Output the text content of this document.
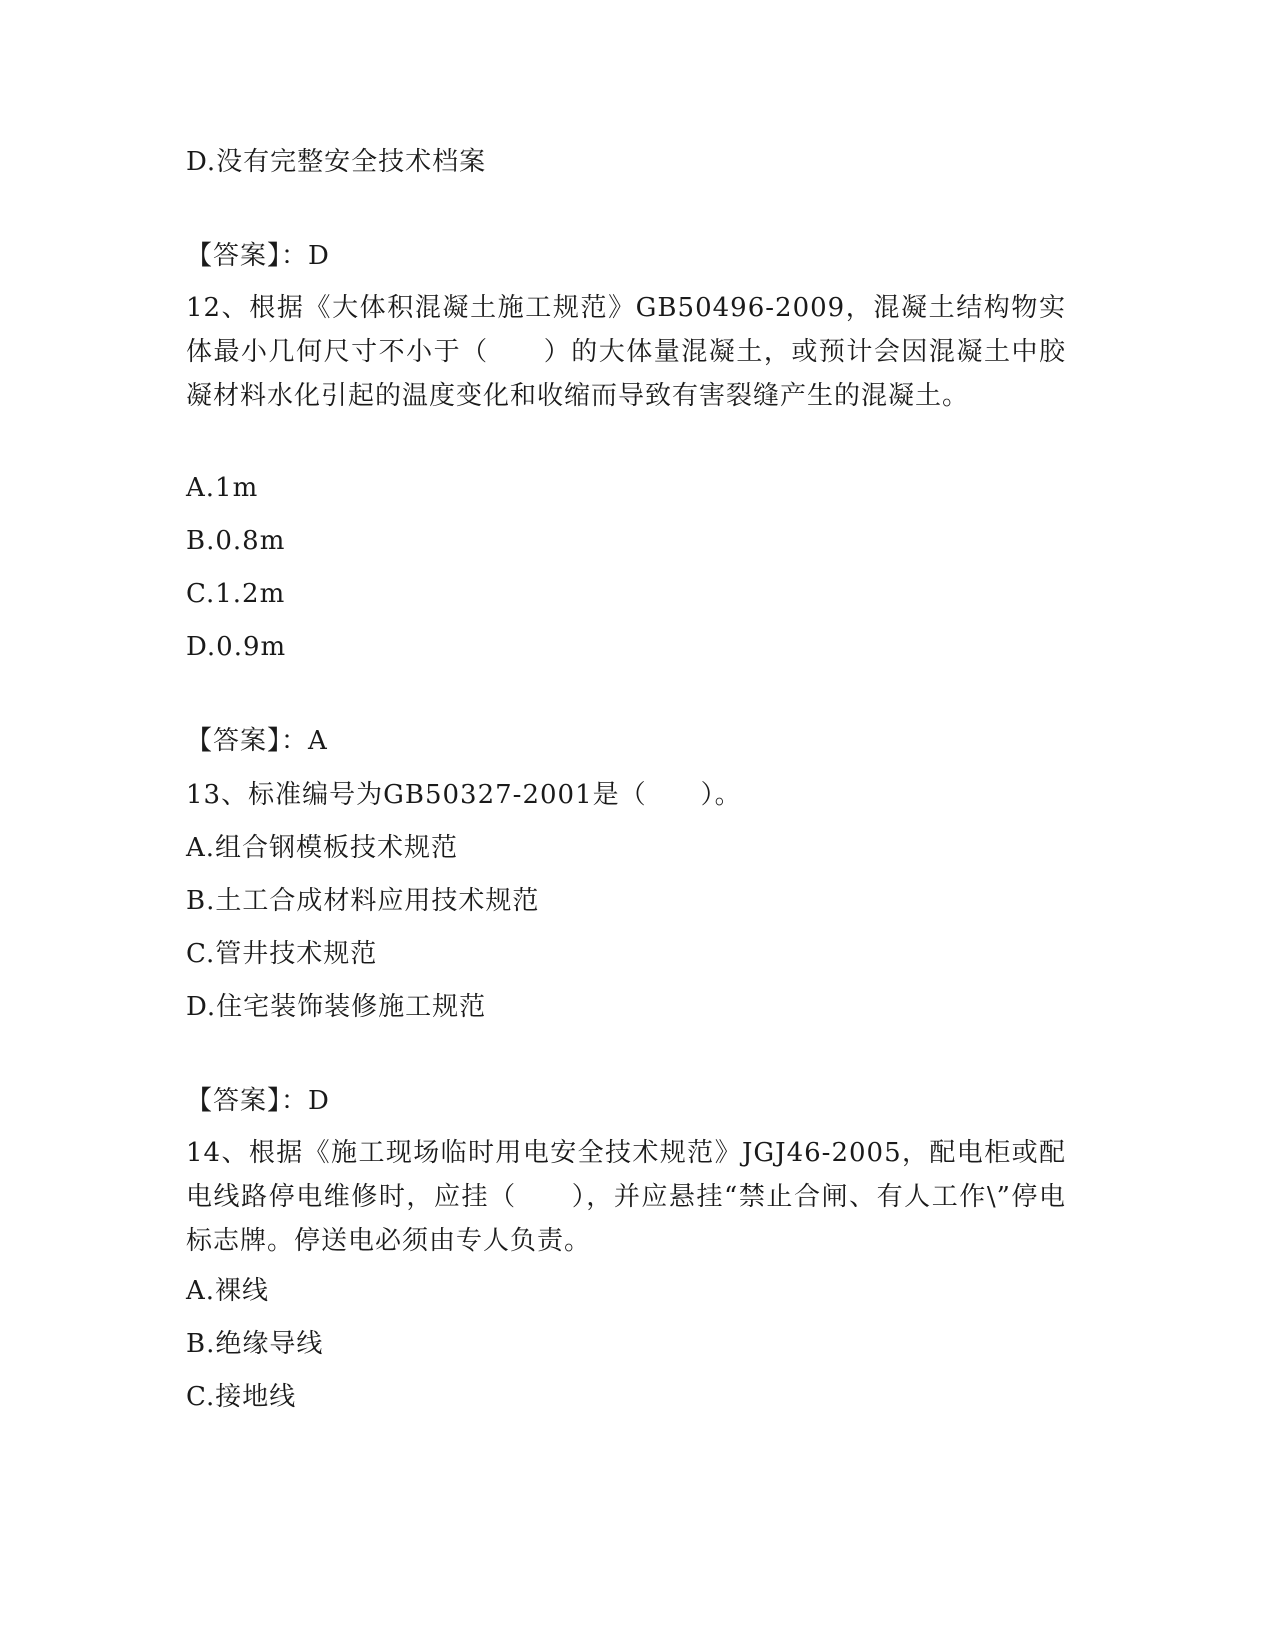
D.没有完整安全技术档案
【答案】：D

12、根据《大体积混凝土施工规范》GB50496-2009，混凝土结构物实体最小几何尺寸不小于（　　）的大体量混凝土，或预计会因混凝土中胶凝材料水化引起的温度变化和收缩而导致有害裂缝产生的混凝土。

A.1m
B.0.8m
C.1.2m
D.0.9m
【答案】：A
13、标准编号为GB50327-2001是（　　）。
A.组合钢模板技术规范
B.土工合成材料应用技术规范
C.管井技术规范
D.住宅装饰装修施工规范
【答案】：D

14、根据《施工现场临时用电安全技术规范》JGJ46-2005，配电柜或配电线路停电维修时，应挂（　　），并应悬挂“禁止合闸、有人工作\”停电标志牌。停送电必须由专人负责。

A.裸线
B.绝缘导线
C.接地线
